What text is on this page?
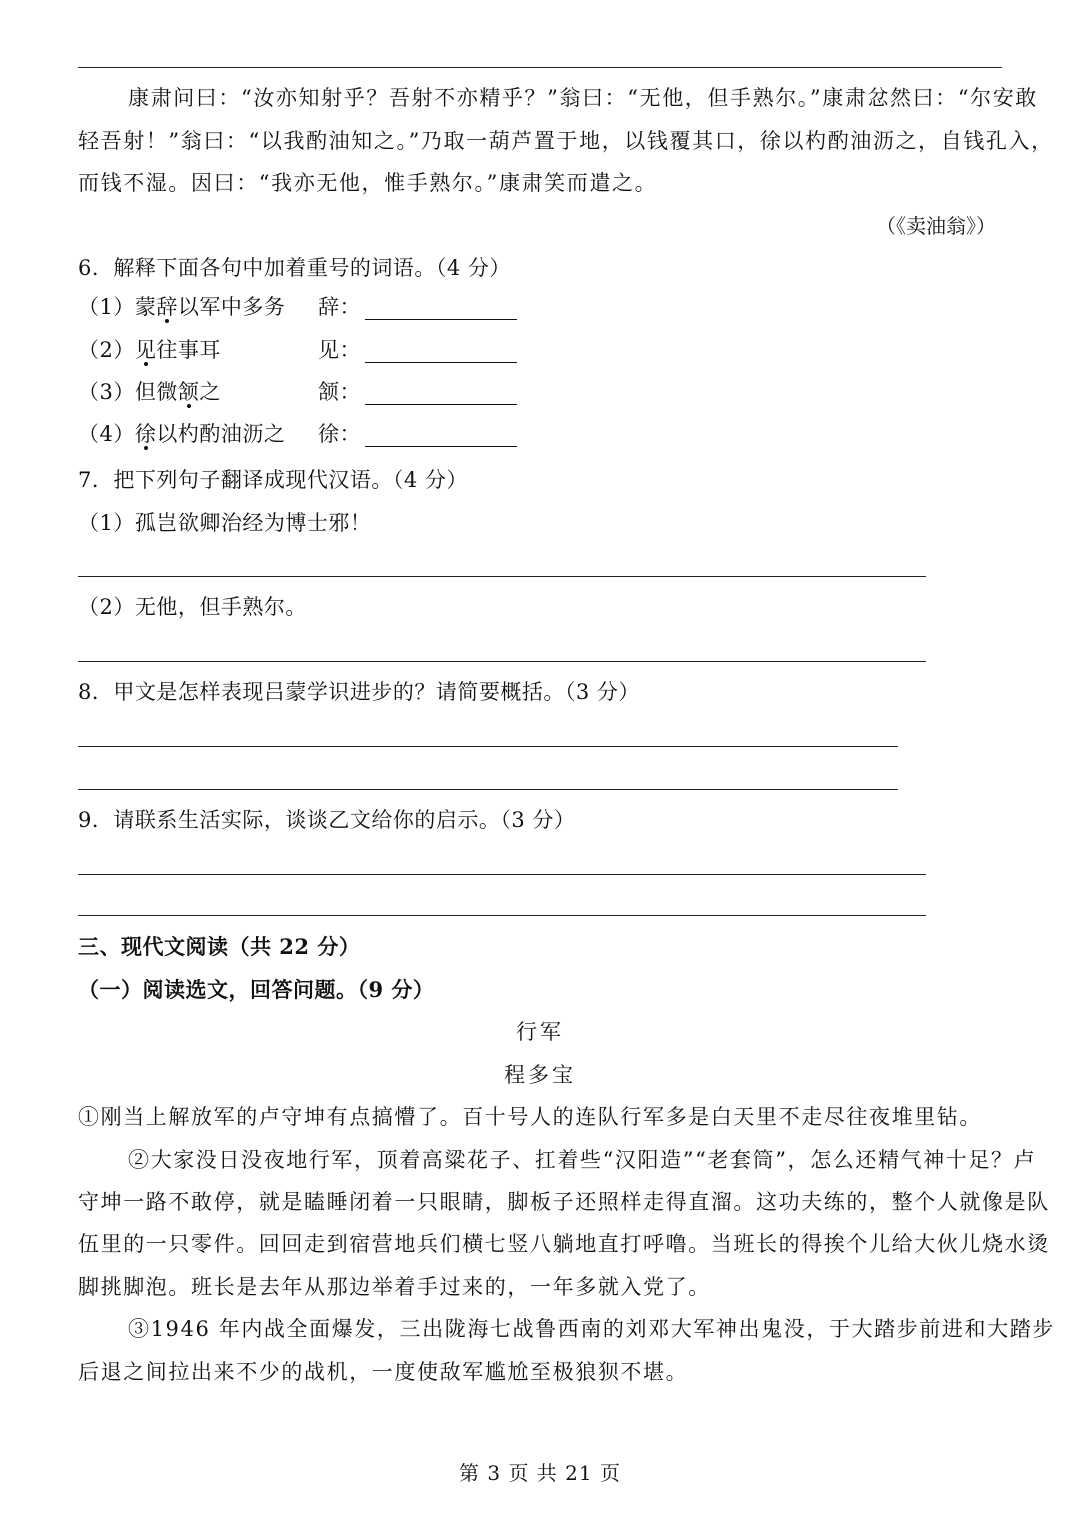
康肃问曰：“汝亦知射乎？吾射不亦精乎？”翁曰：“无他，但手熟尔。”康肃忿然曰：“尔安敢
轻吾射！”翁曰：“以我酌油知之。”乃取一葫芦置于地，以钱覆其口，徐以杓酌油沥之，自钱孔入，
而钱不湿。因曰：“我亦无他，惟手熟尔。”康肃笑而遣之。
（《卖油翁》）
6．解释下面各句中加着重号的词语。（4 分）
（1）蒙辞以军中多务 辞：
（2）见往事耳	见：
（3）但微颔之	颔：
（4）徐以杓酌油沥之 徐：
7．把下列句子翻译成现代汉语。（4 分）
（1）孤岂欲卿治经为博士邪！
（2）无他，但手熟尔。
8．甲文是怎样表现吕蒙学识进步的？请简要概括。（3 分）
9．请联系生活实际，谈谈乙文给你的启示。（3 分）
三、现代文阅读（共 22 分）
（一）阅读选文，回答问题。（9 分）
行军
程多宝
①刚当上解放军的卢守坤有点搞懵了。百十号人的连队行军多是白天里不走尽往夜堆里钻。
②大家没日没夜地行军，顶着高粱花子、扛着些“汉阳造”“老套筒”，怎么还精气神十足？卢
守坤一路不敢停，就是瞌睡闭着一只眼睛，脚板子还照样走得直溜。这功夫练的，整个人就像是队
伍里的一只零件。回回走到宿营地兵们横七竖八躺地直打呼噜。当班长的得挨个儿给大伙儿烧水烫
脚挑脚泡。班长是去年从那边举着手过来的，一年多就入党了。
③1946 年内战全面爆发，三出陇海七战鲁西南的刘邓大军神出鬼没，于大踏步前进和大踏步
后退之间拉出来不少的战机，一度使敌军尴尬至极狼狈不堪。
第 3 页 共 21 页
